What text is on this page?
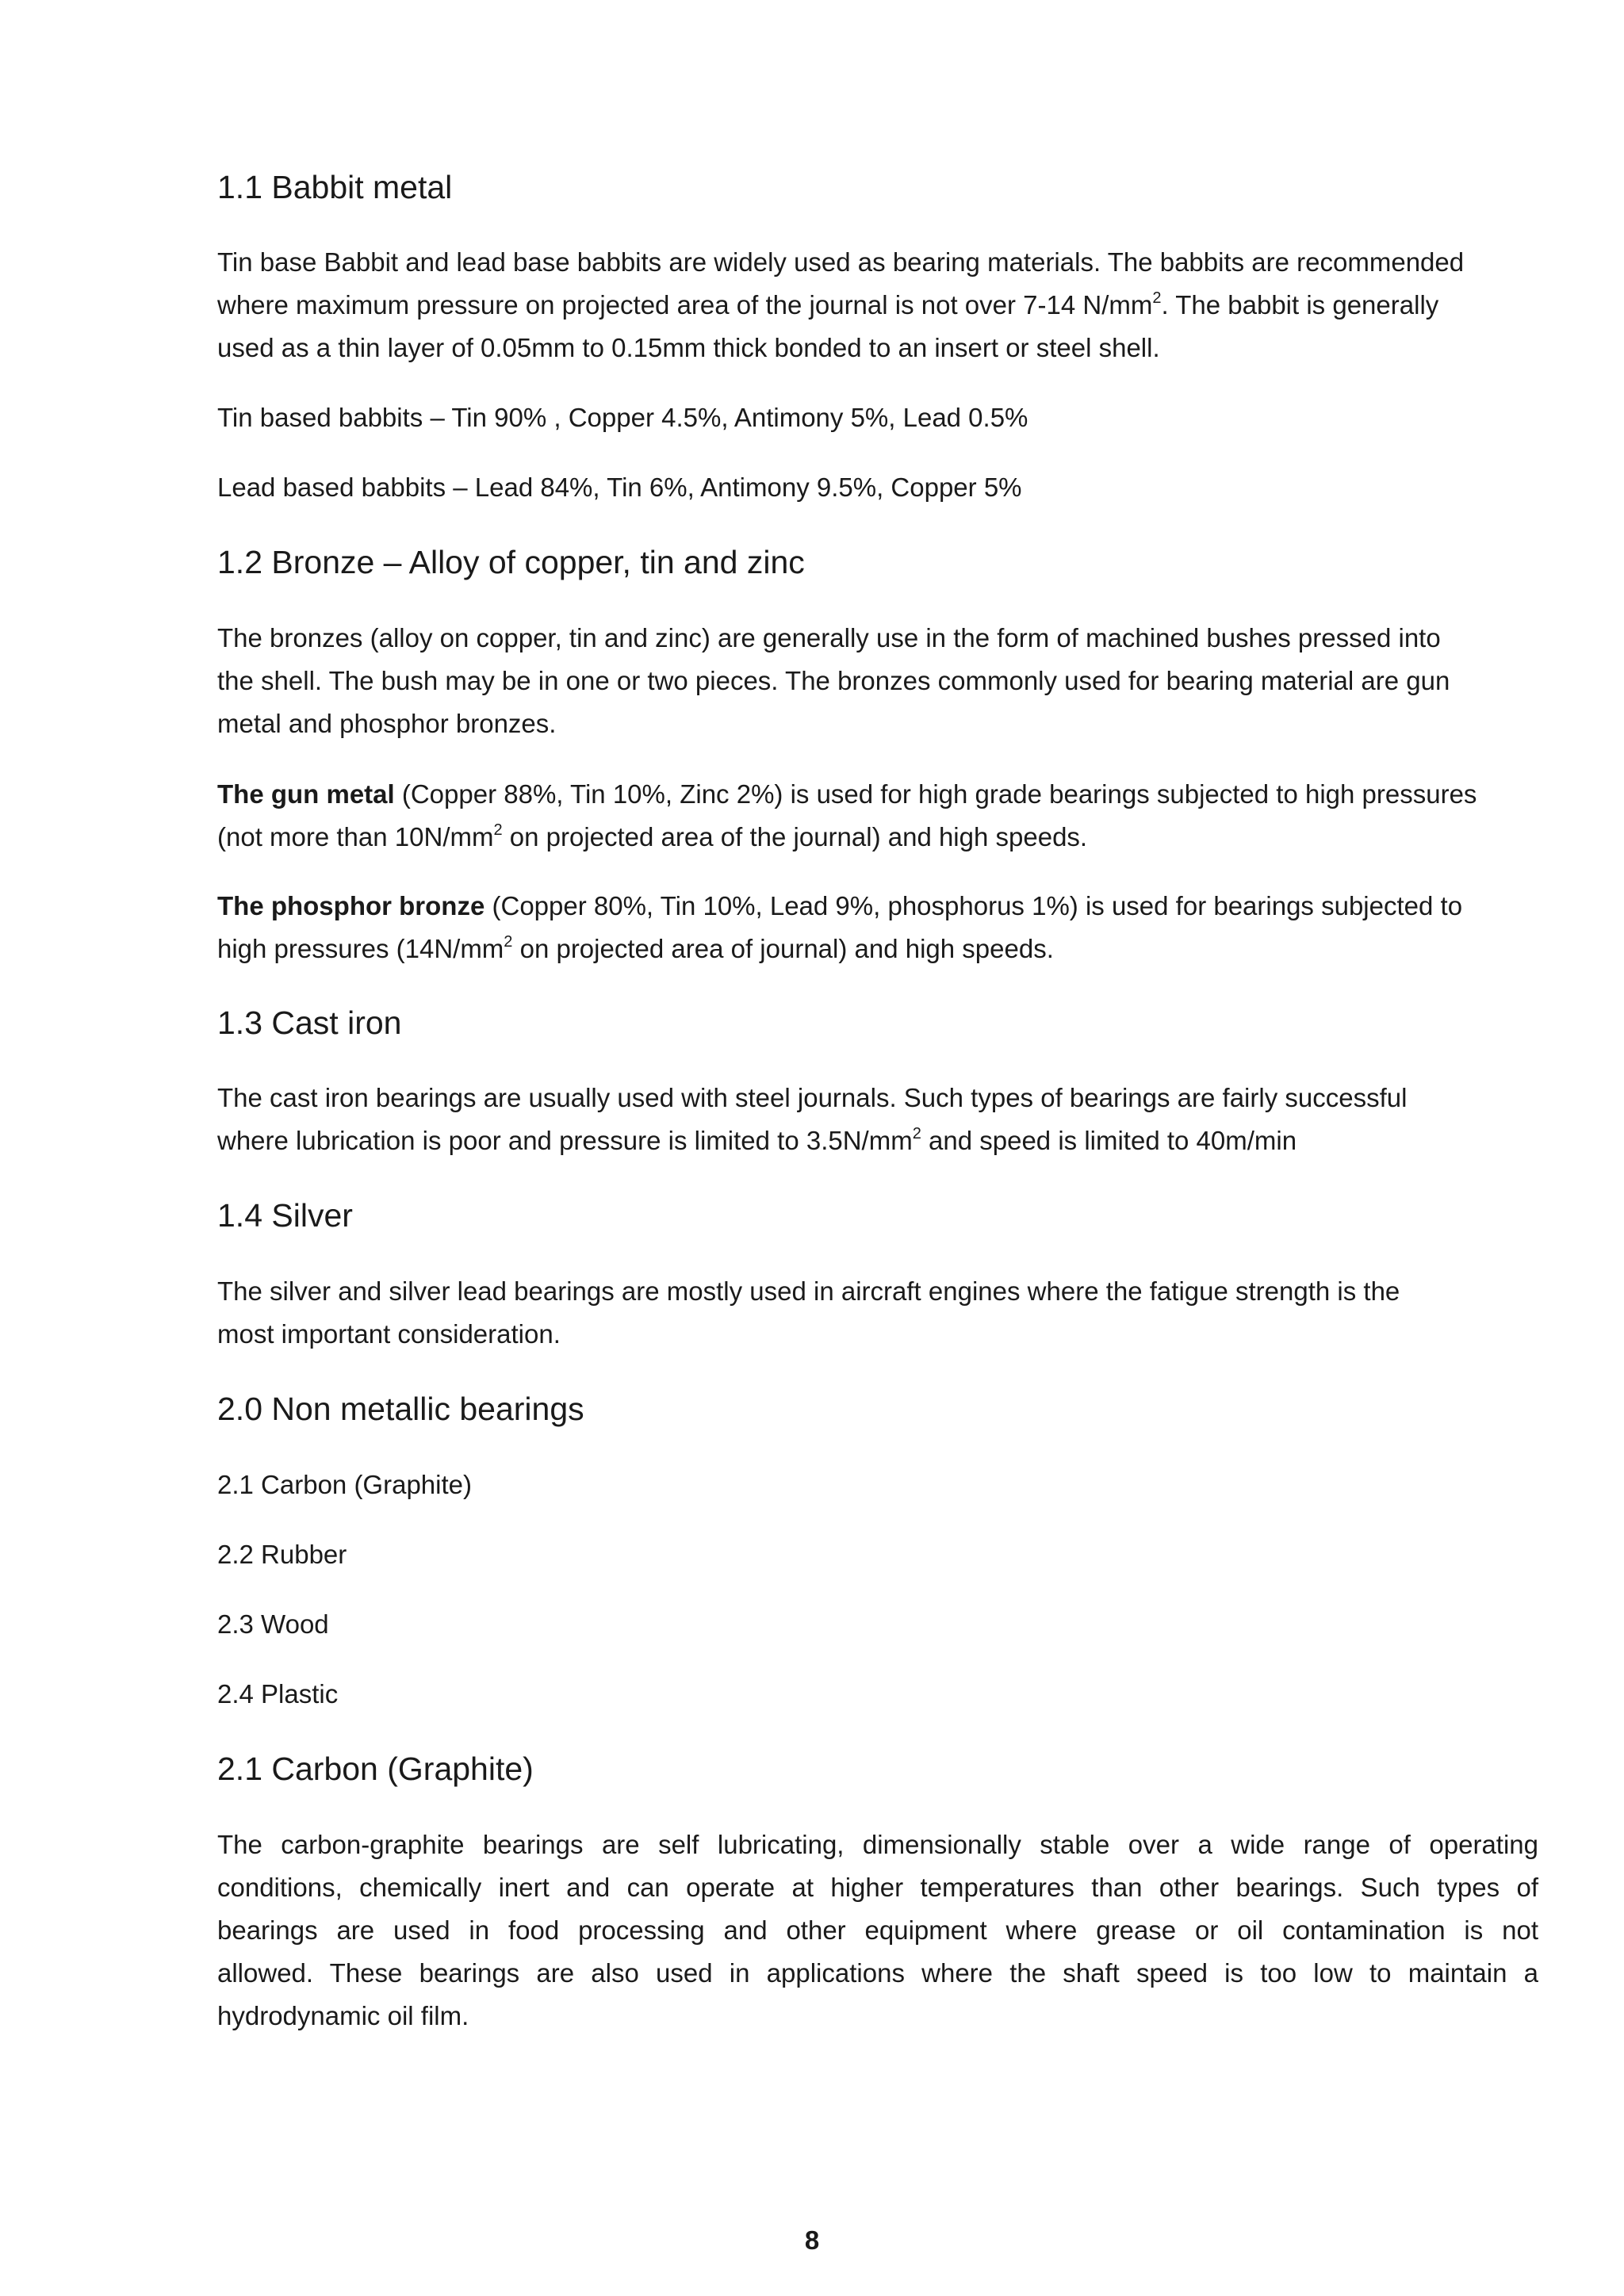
1.1 Babbit metal

Tin base Babbit and lead base babbits are widely used as bearing materials. The babbits are recommended
where maximum pressure on projected area of the journal is not over 7-14 $N/mm^2$. The babbit is generally
used as a thin layer of 0.05mm to 0.15mm thick bonded to an insert or steel shell.

Tin based babbits – Tin 90% , Copper 4.5%, Antimony 5%, Lead 0.5%

Lead based babbits – Lead 84%, Tin 6%, Antimony 9.5%, Copper 5%

1.2 Bronze – Alloy of copper, tin and zinc

The bronzes (alloy on copper, tin and zinc) are generally use in the form of machined bushes pressed into
the shell. The bush may be in one or two pieces. The bronzes commonly used for bearing material are gun
metal and phosphor bronzes.

The gun metal (Copper 88%, Tin 10%, Zinc 2%) is used for high grade bearings subjected to high pressures
(not more than $10N/mm^2$ on projected area of the journal) and high speeds.

The phosphor bronze (Copper 80%, Tin 10%, Lead 9%, phosphorus 1%) is used for bearings subjected to
high pressures ($14N/mm^2$ on projected area of journal) and high speeds.

1.3 Cast iron

The cast iron bearings are usually used with steel journals. Such types of bearings are fairly successful
where lubrication is poor and pressure is limited to $3.5N/mm^2$ and speed is limited to 40m/min

1.4 Silver

The silver and silver lead bearings are mostly used in aircraft engines where the fatigue strength is the
most important consideration.

2.0 Non metallic bearings

2.1 Carbon (Graphite)

2.2 Rubber

2.3 Wood

2.4 Plastic

2.1 Carbon (Graphite)

The carbon-graphite bearings are self lubricating, dimensionally stable over a wide range of operating
conditions, chemically inert and can operate at higher temperatures than other bearings. Such types of
bearings are used in food processing and other equipment where grease or oil contamination is not
allowed. These bearings are also used in applications where the shaft speed is too low to maintain a
hydrodynamic oil film.

8
